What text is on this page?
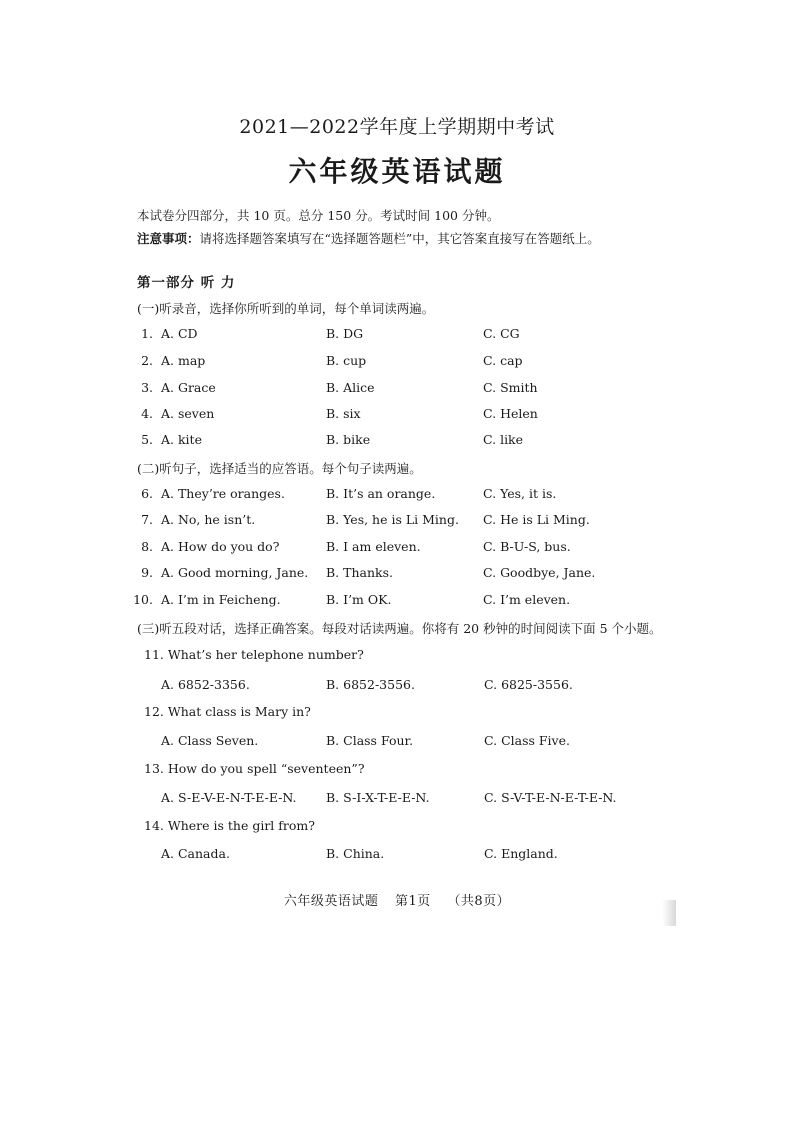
2021—2022学年度上学期期中考试
六年级英语试题
本试卷分四部分，共 10 页。总分 150 分。考试时间 100 分钟。
注意事项：请将选择题答案填写在“选择题答题栏”中，其它答案直接写在答题纸上。
第一部分 听 力
(一)听录音，选择你所听到的单词，每个单词读两遍。
1. A. CD	B. DG	C. CG
2. A. map	B. cup	C. cap
3. A. Grace	B. Alice	C. Smith
4. A. seven	B. six	C. Helen
5. A. kite	B. bike	C. like
(二)听句子，选择适当的应答语。每个句子读两遍。
6. A. They’re oranges.	B. It’s an orange.	C. Yes, it is.
7. A. No, he isn’t.	B. Yes, he is Li Ming. C. He is Li Ming.
8. A. How do you do?	B. I am eleven.	C. B-U-S, bus.
9. A. Good morning, Jane. B. Thanks.	C. Goodbye, Jane.
10. A. I’m in Feicheng.	B. I’m OK.	C. I’m eleven.
(三)听五段对话，选择正确答案。每段对话读两遍。你将有 20 秒钟的时间阅读下面 5 个小题。
11. What’s her telephone number?
A. 6852-3356.	B. 6852-3556.	C. 6825-3556.
12. What class is Mary in?
A. Class Seven.	B. Class Four.	C. Class Five.
13. How do you spell “seventeen”?
A. S-E-V-E-N-T-E-E-N. B. S-I-X-T-E-E-N.	C. S-V-T-E-N-E-T-E-N.
14. Where is the girl from?
A. Canada.	B. China.	C. England.
六年级英语试题 第1页 （共8页）
